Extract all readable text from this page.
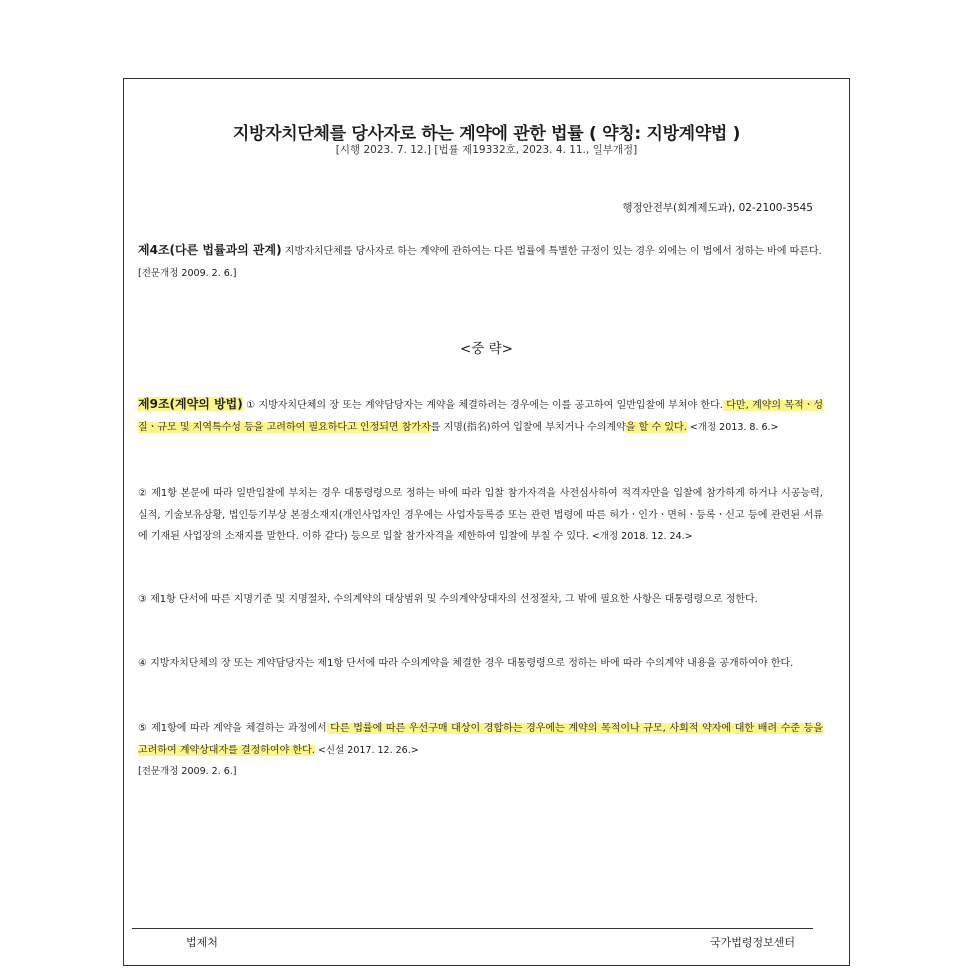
지방자치단체를 당사자로 하는 계약에 관한 법률 ( 약칭: 지방계약법 )
[시행 2023. 7. 12.] [법률 제19332호, 2023. 4. 11., 일부개정]
행정안전부(회계제도과), 02-2100-3545
제4조(다른 법률과의 관계) 지방자치단체를 당사자로 하는 계약에 관하여는 다른 법률에 특별한 규정이 있는 경우 외에는 이 법에서 정하는 바에 따른다.
[전문개정 2009. 2. 6.]
<중 략>
제9조(계약의 방법) ① 지방자치단체의 장 또는 계약담당자는 계약을 체결하려는 경우에는 이를 공고하여 일반입찰에 부쳐야 한다. 다만, 계약의 목적ㆍ성질ㆍ규모 및 지역특수성 등을 고려하여 필요하다고 인정되면 참가자를 지명(指名)하여 입찰에 부치거나 수의계약을 할 수 있다. <개정 2013. 8. 6.>
② 제1항 본문에 따라 일반입찰에 부치는 경우 대통령령으로 정하는 바에 따라 입찰 참가자격을 사전심사하여 적격자만을 입찰에 참가하게 하거나 시공능력, 실적, 기술보유상황, 법인등기부상 본점소재지(개인사업자인 경우에는 사업자등록증 또는 관련 법령에 따른 허가ㆍ인가ㆍ면허ㆍ등록ㆍ신고 등에 관련된 서류에 기재된 사업장의 소재지를 말한다. 이하 같다) 등으로 입찰 참가자격을 제한하여 입찰에 부칠 수 있다. <개정 2018. 12. 24.>
③ 제1항 단서에 따른 지명기준 및 지명절차, 수의계약의 대상범위 및 수의계약상대자의 선정절차, 그 밖에 필요한 사항은 대통령령으로 정한다.
④ 지방자치단체의 장 또는 계약담당자는 제1항 단서에 따라 수의계약을 체결한 경우 대통령령으로 정하는 바에 따라 수의계약 내용을 공개하여야 한다.
⑤ 제1항에 따라 계약을 체결하는 과정에서 다른 법률에 따른 우선구매 대상이 경합하는 경우에는 계약의 목적이나 규모, 사회적 약자에 대한 배려 수준 등을 고려하여 계약상대자를 결정하여야 한다. <신설 2017. 12. 26.>
[전문개정 2009. 2. 6.]
법제처	국가법령정보센터
